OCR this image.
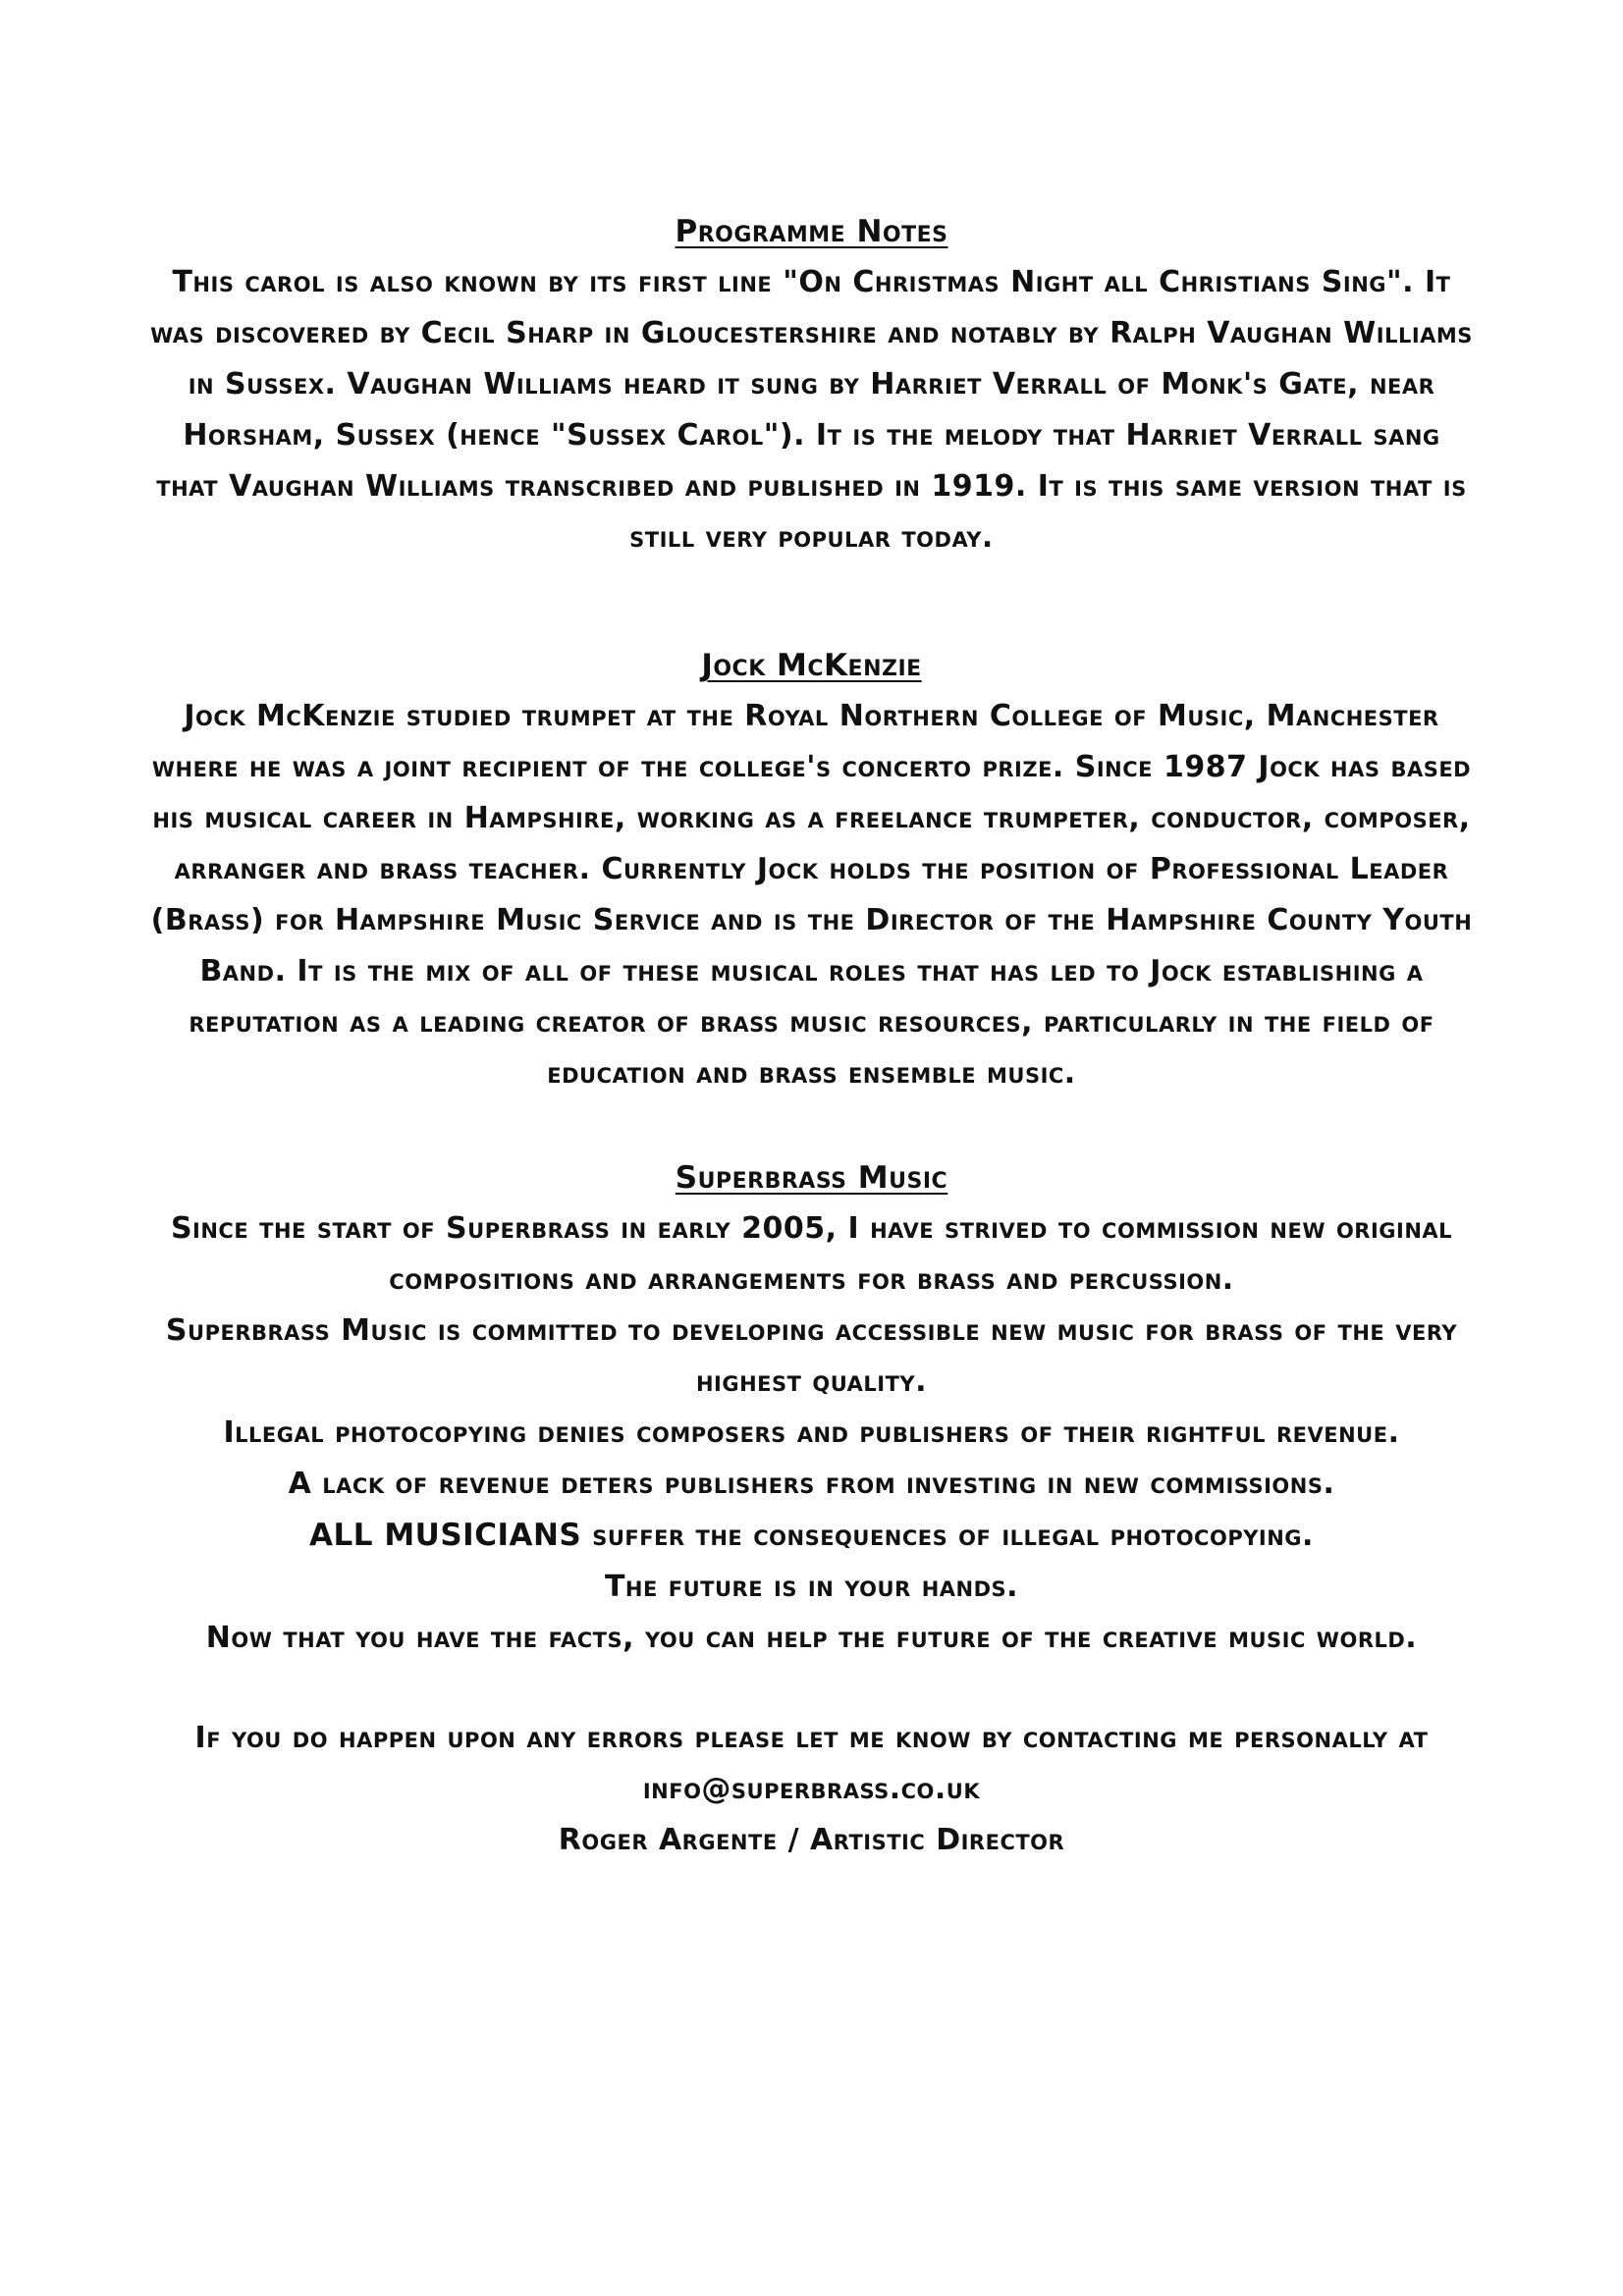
Programme Notes

This carol is also known by its first line "On Christmas Night all Christians Sing". It was discovered by Cecil Sharp in Gloucestershire and notably by Ralph Vaughan Williams in Sussex. Vaughan Williams heard it sung by Harriet Verrall of Monk's Gate, near Horsham, Sussex (hence "Sussex Carol"). It is the melody that Harriet Verrall sang that Vaughan Williams transcribed and published in 1919. It is this same version that is still very popular today.

Jock McKenzie

Jock McKenzie studied trumpet at the Royal Northern College of Music, Manchester where he was a joint recipient of the college's concerto prize. Since 1987 Jock has based his musical career in Hampshire, working as a freelance trumpeter, conductor, composer, arranger and brass teacher. Currently Jock holds the position of Professional Leader (Brass) for Hampshire Music Service and is the Director of the Hampshire County Youth Band. It is the mix of all of these musical roles that has led to Jock establishing a reputation as a leading creator of brass music resources, particularly in the field of education and brass ensemble music.

Superbrass Music

Since the start of Superbrass in early 2005, I have strived to commission new original compositions and arrangements for brass and percussion.

Superbrass Music is committed to developing accessible new music for brass of the very highest quality.

Illegal photocopying denies composers and publishers of their rightful revenue.

A lack of revenue deters publishers from investing in new commissions.

ALL MUSICIANS suffer the consequences of illegal photocopying.

The future is in your hands.

Now that you have the facts, you can help the future of the creative music world.

If you do happen upon any errors please let me know by contacting me personally at

info@superbrass.co.uk

Roger Argente / Artistic Director
